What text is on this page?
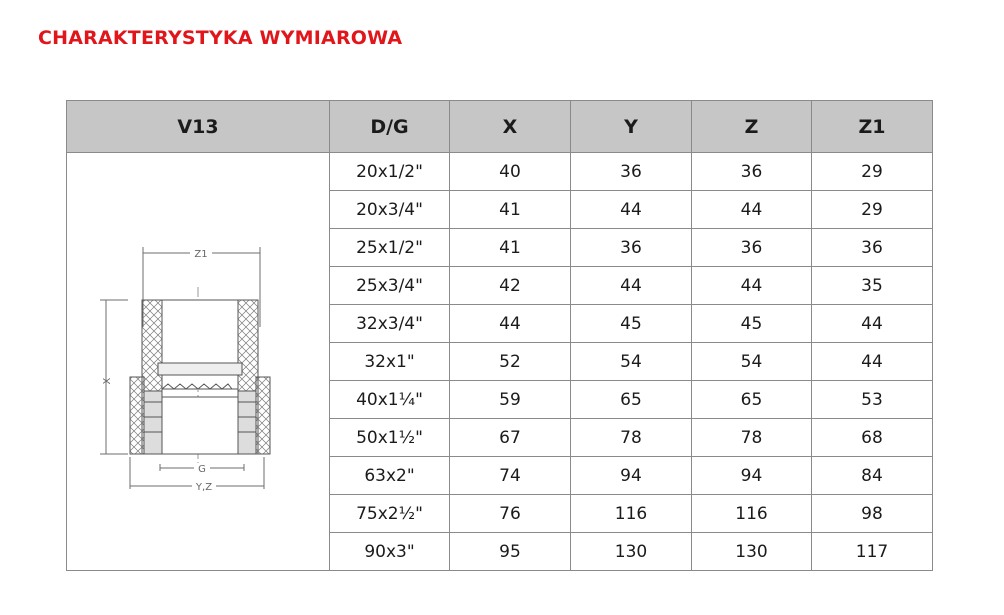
CHARAKTERYSTYKA WYMIAROWA
V13	D/G	X	Y	Z	Z1

Z1
X
G
Y,Z	20x1/2"	40	36	36	29
	20x3/4"	41	44	44	29
	25x1/2"	41	36	36	36
	25x3/4"	42	44	44	35
	32x3/4"	44	45	45	44
	32x1"	52	54	54	44
	40x1¼"	59	65	65	53
	50x1½"	67	78	78	68
	63x2"	74	94	94	84
	75x2½"	76	116	116	98
	90x3"	95	130	130	117
